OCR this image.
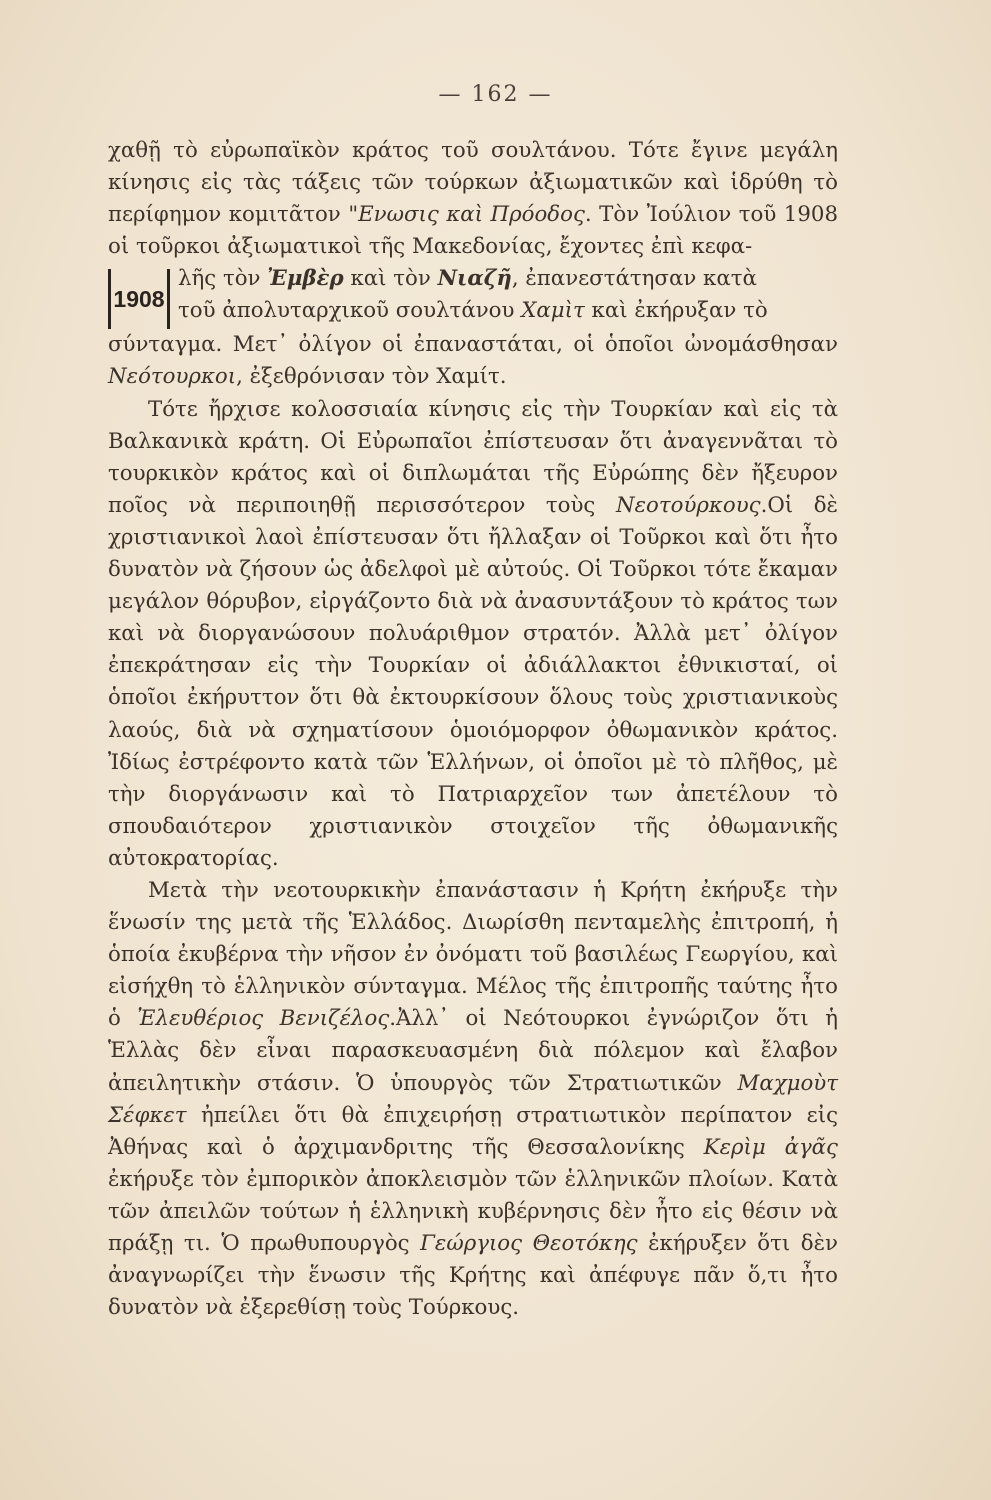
— 162 —

χαθῇ τὸ εὐρωπαϊκὸν κράτος τοῦ σουλτάνου. Τότε ἔγινε μεγάλη κίνησις εἰς τὰς τάξεις τῶν τούρκων ἀξιωματικῶν καὶ ἱδρύθη τὸ περίφημον κομιτᾶτον "Ενωσις καὶ Πρόοδος. Τὸν Ἰούλιον τοῦ 1908 οἱ τοῦρκοι ἀξιωματικοὶ τῆς Μακεδονίας, ἔχοντες ἐπὶ κεφα-

1908

λῆς τὸν Ἐμβὲρ καὶ τὸν Νιαζῆ, ἐπανεστάτησαν κατὰ

τοῦ ἀπολυταρχικοῦ σουλτάνου Χαμὶτ καὶ ἐκήρυξαν τὸ

σύνταγμα. Μετ᾽ ὀλίγον οἱ ἐπαναστάται, οἱ ὁποῖοι ὠνομάσθησαν Νεότουρκοι, ἐξεθρόνισαν τὸν Χαμίτ.

Τότε ἤρχισε κολοσσιαία κίνησις εἰς τὴν Τουρκίαν καὶ εἰς τὰ Βαλκανικὰ κράτη. Οἱ Εὐρωπαῖοι ἐπίστευσαν ὅτι ἀναγεννᾶται τὸ τουρκικὸν κράτος καὶ οἱ διπλωμάται τῆς Εὐρώπης δὲν ἤξευρον ποῖος νὰ περιποιηθῇ περισσότερον τοὺς Νεοτούρκους.Οἱ δὲ χριστιανικοὶ λαοὶ ἐπίστευσαν ὅτι ἤλλαξαν οἱ Τοῦρκοι καὶ ὅτι ἦτο δυνατὸν νὰ ζήσουν ὡς ἀδελφοὶ μὲ αὐτούς. Οἱ Τοῦρκοι τότε ἔκαμαν μεγάλον θόρυβον, εἰργάζοντο διὰ νὰ ἀνασυντάξουν τὸ κράτος των καὶ νὰ διοργανώσουν πολυάριθμον στρατόν. Ἀλλὰ μετ᾽ ὀλίγον ἐπεκράτησαν εἰς τὴν Τουρκίαν οἱ ἀδιάλλακτοι ἐθνικισταί, οἱ ὁποῖοι ἐκήρυττον ὅτι θὰ ἐκτουρκίσουν ὅλους τοὺς χριστιανικοὺς λαούς, διὰ νὰ σχηματίσουν ὁμοιόμορφον ὀθωμανικὸν κράτος. Ἰδίως ἐστρέφοντο κατὰ τῶν Ἑλλήνων, οἱ ὁποῖοι μὲ τὸ πλῆθος, μὲ τὴν διοργάνωσιν καὶ τὸ Πατριαρχεῖον των ἀπετέλουν τὸ σπουδαιότερον χριστιανικὸν στοιχεῖον τῆς ὀθωμανικῆς αὐτοκρατορίας.

Μετὰ τὴν νεοτουρκικὴν ἐπανάστασιν ἡ Κρήτη ἐκήρυξε τὴν ἕνωσίν της μετὰ τῆς Ἑλλάδος. Διωρίσθη πενταμελὴς ἐπιτροπή, ἡ ὁποία ἐκυβέρνα τὴν νῆσον ἐν ὀνόματι τοῦ βασιλέως Γεωργίου, καὶ εἰσήχθη τὸ ἑλληνικὸν σύνταγμα. Μέλος τῆς ἐπιτροπῆς ταύτης ἦτο ὁ Ἐλευθέριος Βενιζέλος.Ἀλλ᾽ οἱ Νεότουρκοι ἐγνώριζον ὅτι ἡ Ἑλλὰς δὲν εἶναι παρασκευασμένη διὰ πόλεμον καὶ ἔλαβον ἀπειλητικὴν στάσιν. Ὁ ὑπουργὸς τῶν Στρατιωτικῶν Μαχμοὺτ Σέφκετ ἠπείλει ὅτι θὰ ἐπιχειρήσῃ στρατιωτικὸν περίπατον εἰς Ἀθήνας καὶ ὁ ἀρχιμανδριτης τῆς Θεσσαλονίκης Κερὶμ ἀγᾶς ἐκήρυξε τὸν ἐμπορικὸν ἀποκλεισμὸν τῶν ἑλληνικῶν πλοίων. Κατὰ τῶν ἀπειλῶν τούτων ἡ ἑλληνικὴ κυβέρνησις δὲν ἦτο εἰς θέσιν νὰ πράξῃ τι. Ὁ πρωθυπουργὸς Γεώργιος Θεοτόκης ἐκήρυξεν ὅτι δὲν ἀναγνωρίζει τὴν ἕνωσιν τῆς Κρήτης καὶ ἀπέφυγε πᾶν ὅ,τι ἦτο δυνατὸν νὰ ἐξερεθίσῃ τοὺς Τούρκους.
